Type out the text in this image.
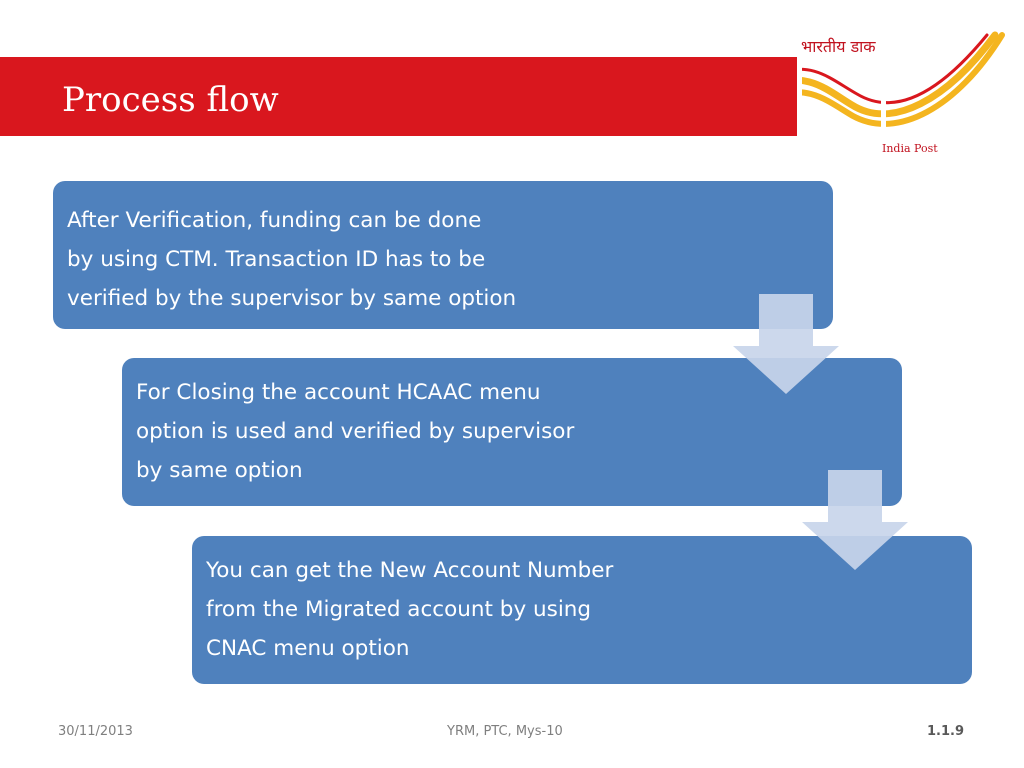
Process flow
भारतीय डाक
India Post
After Verification, funding can be done
by using CTM. Transaction ID has to be
verified by the supervisor by same option
For Closing the account HCAAC menu
option is used and verified by supervisor
by same option
You can get the New Account Number
from the Migrated account by using
CNAC menu option
30/11/2013	YRM, PTC, Mys-10	1.1.9
